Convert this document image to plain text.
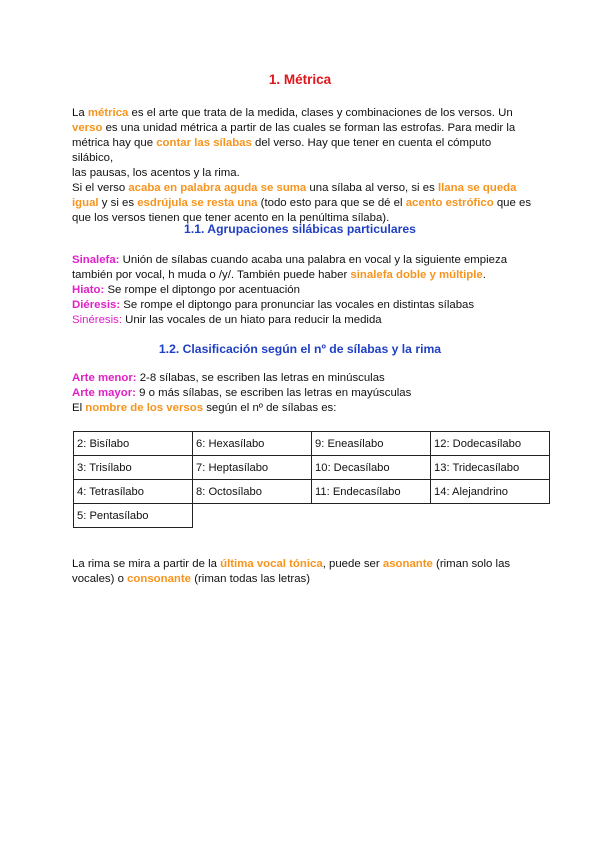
1. Métrica

La métrica es el arte que trata de la medida, clases y combinaciones de los versos. Un

verso es una unidad métrica a partir de las cuales se forman las estrofas. Para medir la

métrica hay que contar las sílabas del verso. Hay que tener en cuenta el cómputo silábico,

las pausas, los acentos y la rima.

Si el verso acaba en palabra aguda se suma una sílaba al verso, si es llana se queda

igual y si es esdrújula se resta una (todo esto para que se dé el acento estrófico que es

que los versos tienen que tener acento en la penúltima sílaba).

1.1. Agrupaciones silábicas particulares

Sinalefa: Unión de sílabas cuando acaba una palabra en vocal y la siguiente empieza

también por vocal, h muda o /y/. También puede haber sinalefa doble y múltiple.

Hiato: Se rompe el diptongo por acentuación

Diéresis: Se rompe el diptongo para pronunciar las vocales en distintas sílabas

Sinéresis: Unir las vocales de un hiato para reducir la medida

1.2. Clasificación según el nº de sílabas y la rima

Arte menor: 2-8 sílabas, se escriben las letras en minúsculas

Arte mayor: 9 o más sílabas, se escriben las letras en mayúsculas

El nombre de los versos según el nº de sílabas es:

2: Bisílabo	6: Hexasílabo	9: Eneasílabo	12: Dodecasílabo
3: Trisílabo	7: Heptasílabo	10: Decasílabo	13: Tridecasílabo
4: Tetrasílabo	8: Octosílabo	11: Endecasílabo	14: Alejandrino
5: Pentasílabo			

La rima se mira a partir de la última vocal tónica, puede ser asonante (riman solo las

vocales) o consonante (riman todas las letras)
